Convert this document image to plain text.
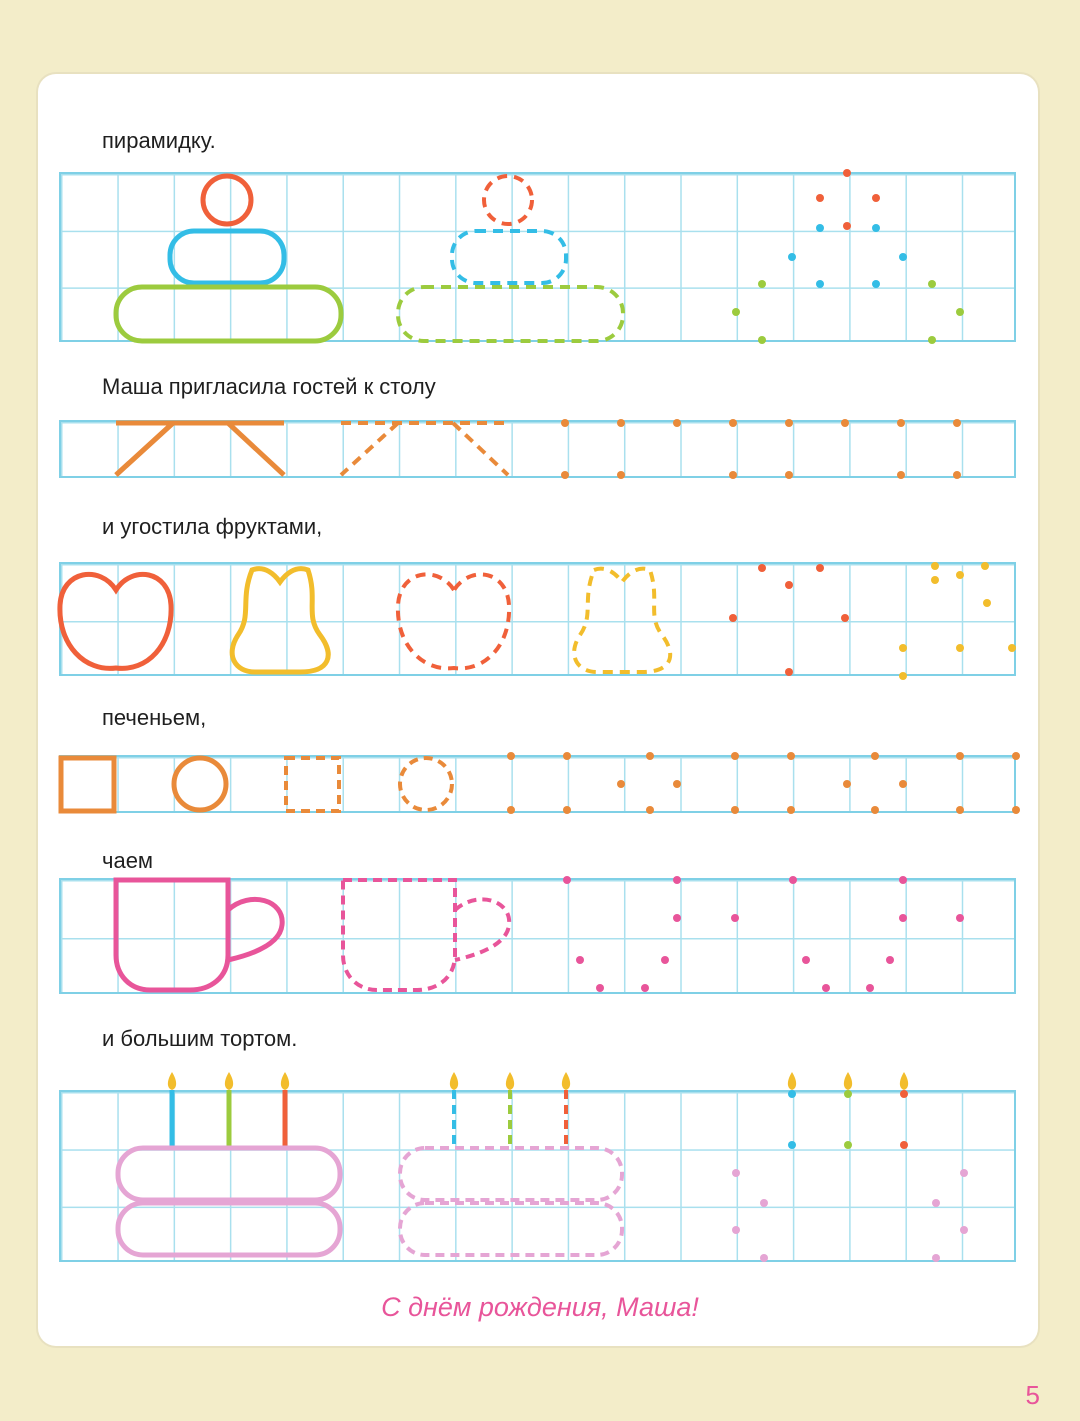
пирамидку.
Маша пригласила гостей к столу
и угостила фруктами,
печеньем,
чаем
и большим тортом.
С днём рождения, Маша!
5
